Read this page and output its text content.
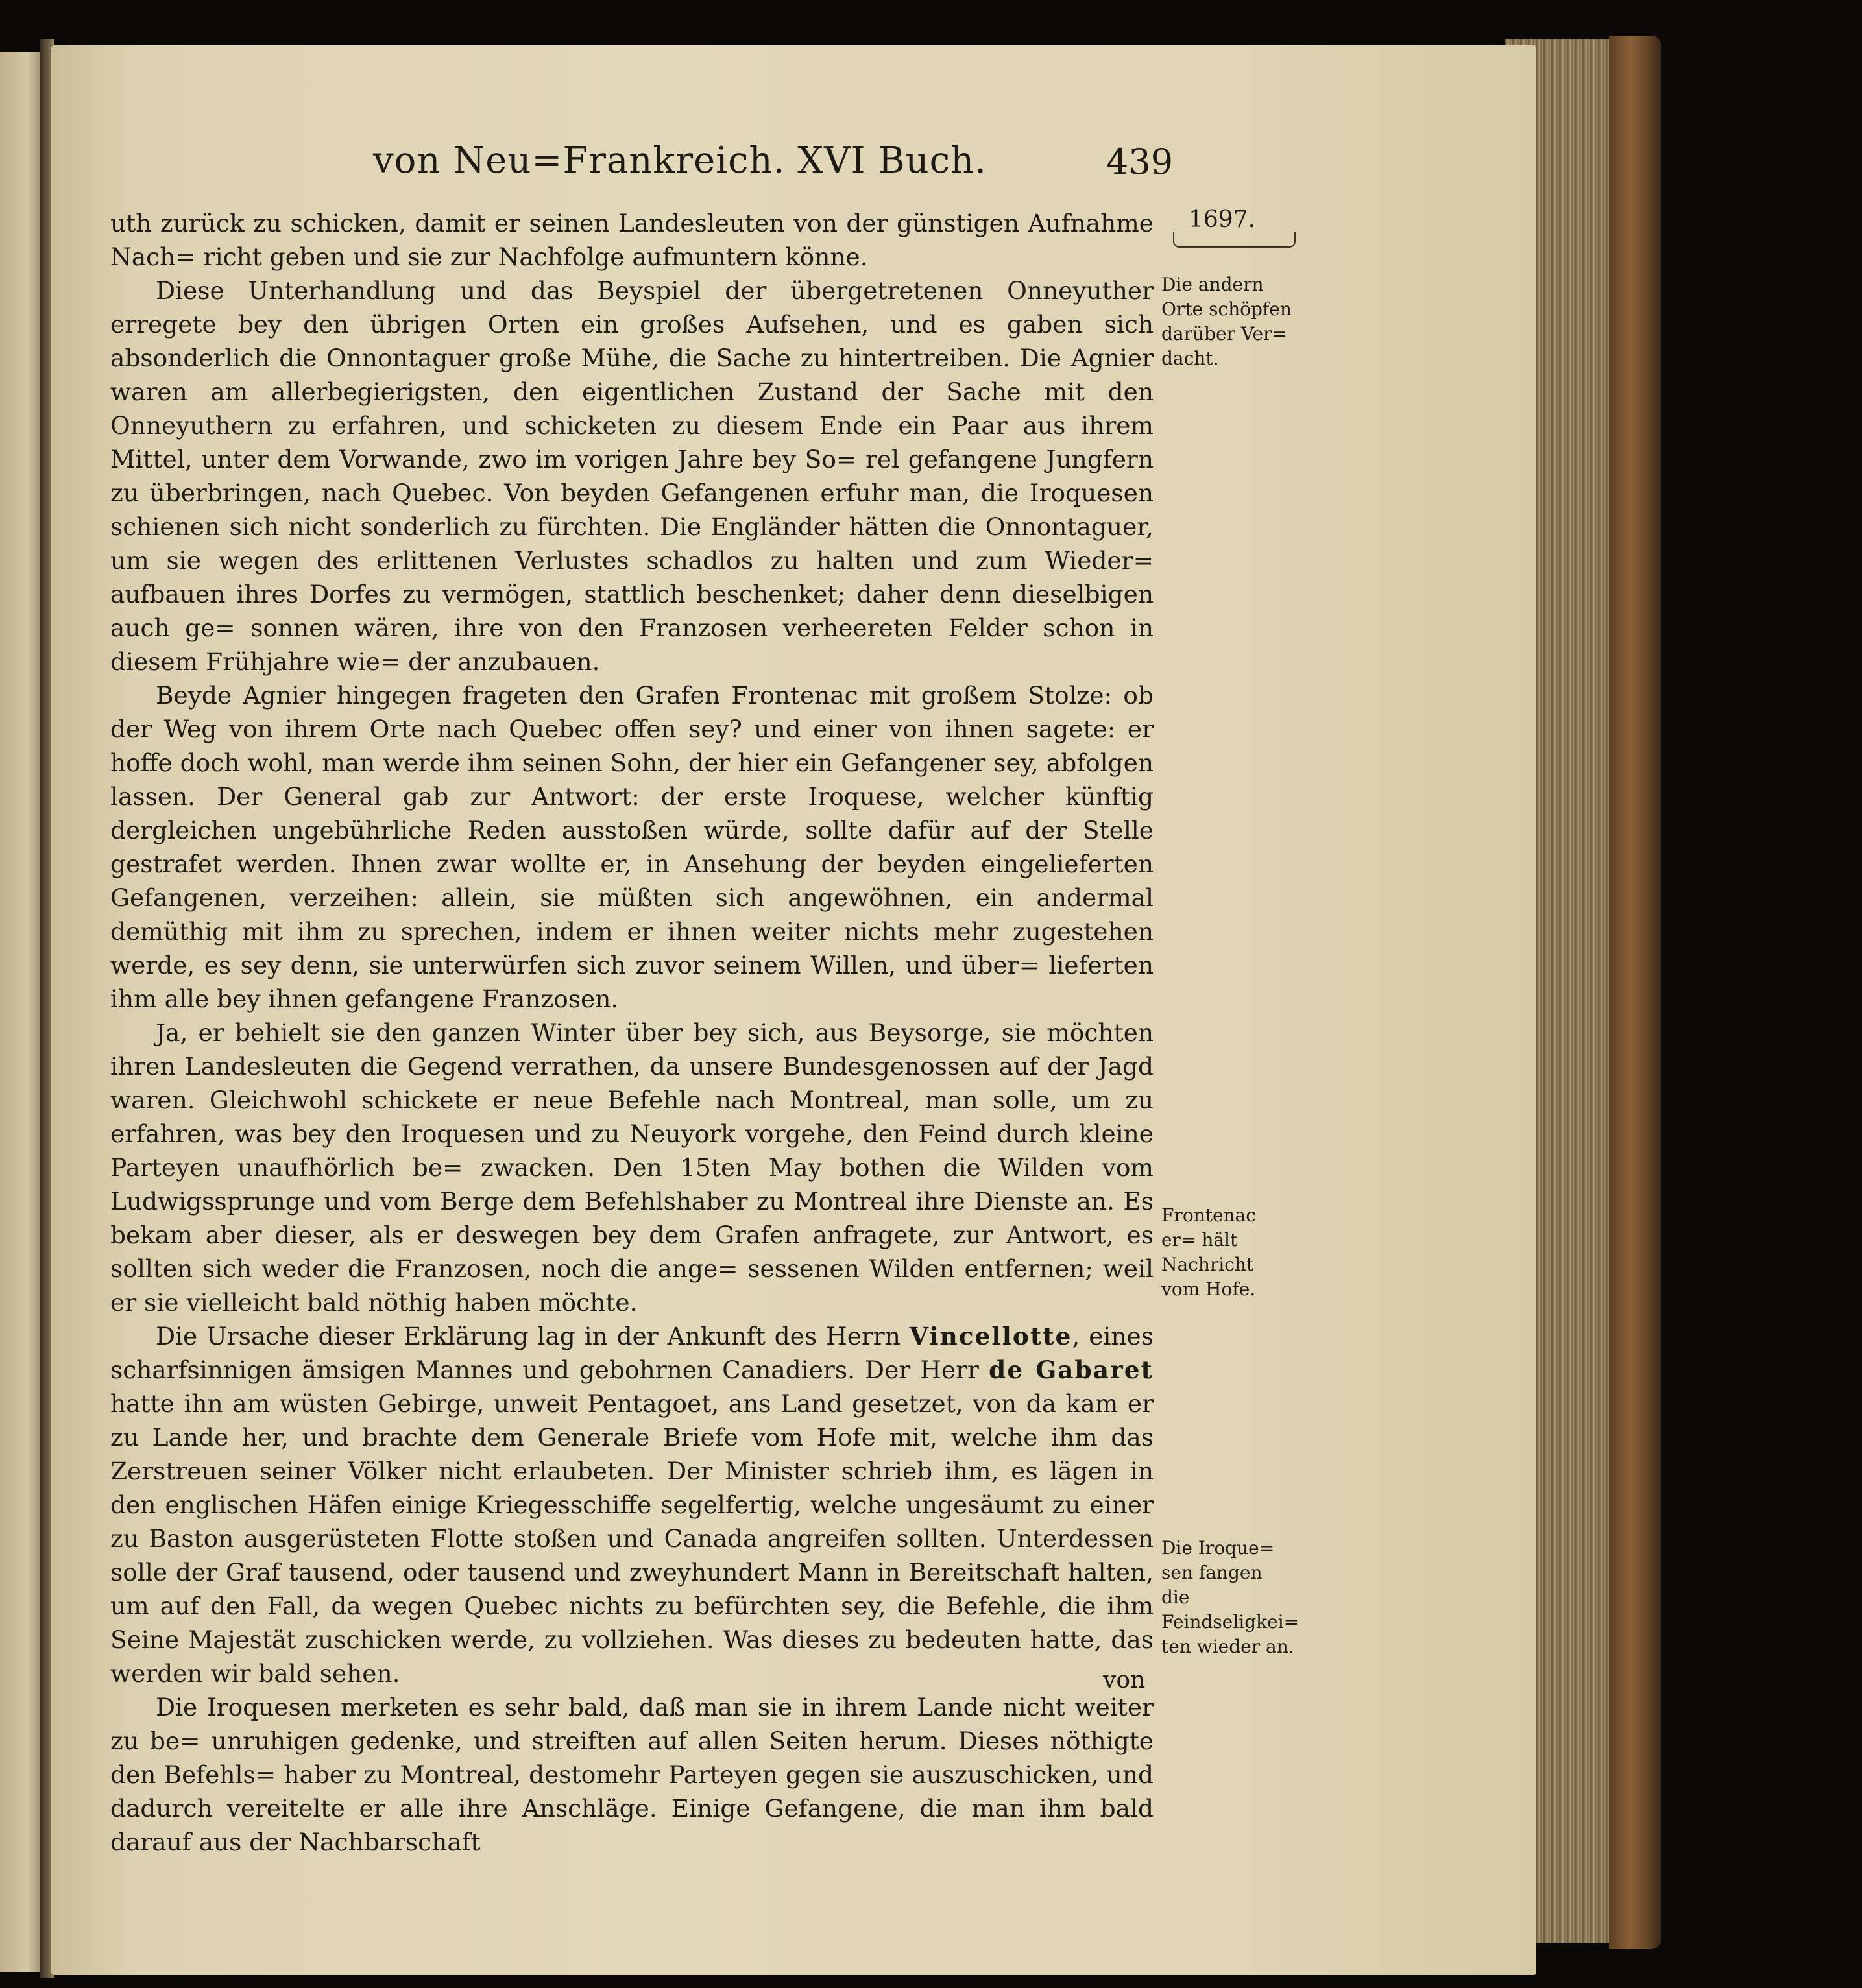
von Neu=Frankreich. XVI Buch.	439

uth zurück zu schicken, damit er seinen Landesleuten von der günstigen Aufnahme Nach= richt geben und sie zur Nachfolge aufmuntern könne.

Diese Unterhandlung und das Beyspiel der übergetretenen Onneyuther erregete bey den übrigen Orten ein großes Aufsehen, und es gaben sich absonderlich die Onnontaguer große Mühe, die Sache zu hintertreiben. Die Agnier waren am allerbegierigsten, den eigentlichen Zustand der Sache mit den Onneyuthern zu erfahren, und schicketen zu diesem Ende ein Paar aus ihrem Mittel, unter dem Vorwande, zwo im vorigen Jahre bey So= rel gefangene Jungfern zu überbringen, nach Quebec. Von beyden Gefangenen erfuhr man, die Iroquesen schienen sich nicht sonderlich zu fürchten. Die Engländer hätten die Onnontaguer, um sie wegen des erlittenen Verlustes schadlos zu halten und zum Wieder= aufbauen ihres Dorfes zu vermögen, stattlich beschenket; daher denn dieselbigen auch ge= sonnen wären, ihre von den Franzosen verheereten Felder schon in diesem Frühjahre wie= der anzubauen.

Beyde Agnier hingegen frageten den Grafen Frontenac mit großem Stolze: ob der Weg von ihrem Orte nach Quebec offen sey? und einer von ihnen sagete: er hoffe doch wohl, man werde ihm seinen Sohn, der hier ein Gefangener sey, abfolgen lassen. Der General gab zur Antwort: der erste Iroquese, welcher künftig dergleichen ungebührliche Reden ausstoßen würde, sollte dafür auf der Stelle gestrafet werden. Ihnen zwar wollte er, in Ansehung der beyden eingelieferten Gefangenen, verzeihen: allein, sie müßten sich angewöhnen, ein andermal demüthig mit ihm zu sprechen, indem er ihnen weiter nichts mehr zugestehen werde, es sey denn, sie unterwürfen sich zuvor seinem Willen, und über= lieferten ihm alle bey ihnen gefangene Franzosen.

Ja, er behielt sie den ganzen Winter über bey sich, aus Beysorge, sie möchten ihren Landesleuten die Gegend verrathen, da unsere Bundesgenossen auf der Jagd waren. Gleichwohl schickete er neue Befehle nach Montreal, man solle, um zu erfahren, was bey den Iroquesen und zu Neuyork vorgehe, den Feind durch kleine Parteyen unaufhörlich be= zwacken. Den 15ten May bothen die Wilden vom Ludwigssprunge und vom Berge dem Befehlshaber zu Montreal ihre Dienste an. Es bekam aber dieser, als er deswegen bey dem Grafen anfragete, zur Antwort, es sollten sich weder die Franzosen, noch die ange= sessenen Wilden entfernen; weil er sie vielleicht bald nöthig haben möchte.

Die Ursache dieser Erklärung lag in der Ankunft des Herrn Vincellotte, eines scharfsinnigen ämsigen Mannes und gebohrnen Canadiers. Der Herr de Gabaret hatte ihn am wüsten Gebirge, unweit Pentagoet, ans Land gesetzet, von da kam er zu Lande her, und brachte dem Generale Briefe vom Hofe mit, welche ihm das Zerstreuen seiner Völker nicht erlaubeten. Der Minister schrieb ihm, es lägen in den englischen Häfen einige Kriegesschiffe segelfertig, welche ungesäumt zu einer zu Baston ausgerüsteten Flotte stoßen und Canada angreifen sollten. Unterdessen solle der Graf tausend, oder tausend und zweyhundert Mann in Bereitschaft halten, um auf den Fall, da wegen Quebec nichts zu befürchten sey, die Befehle, die ihm Seine Majestät zuschicken werde, zu vollziehen. Was dieses zu bedeuten hatte, das werden wir bald sehen.

Die Iroquesen merketen es sehr bald, daß man sie in ihrem Lande nicht weiter zu be= unruhigen gedenke, und streiften auf allen Seiten herum. Dieses nöthigte den Befehls= haber zu Montreal, destomehr Parteyen gegen sie auszuschicken, und dadurch vereitelte er alle ihre Anschläge. Einige Gefangene, die man ihm bald darauf aus der Nachbarschaft

von
1697.
Die andern Orte schöpfen darüber Ver= dacht.
Frontenac er= hält Nachricht vom Hofe.
Die Iroque= sen fangen die Feindseligkei= ten wieder an.
